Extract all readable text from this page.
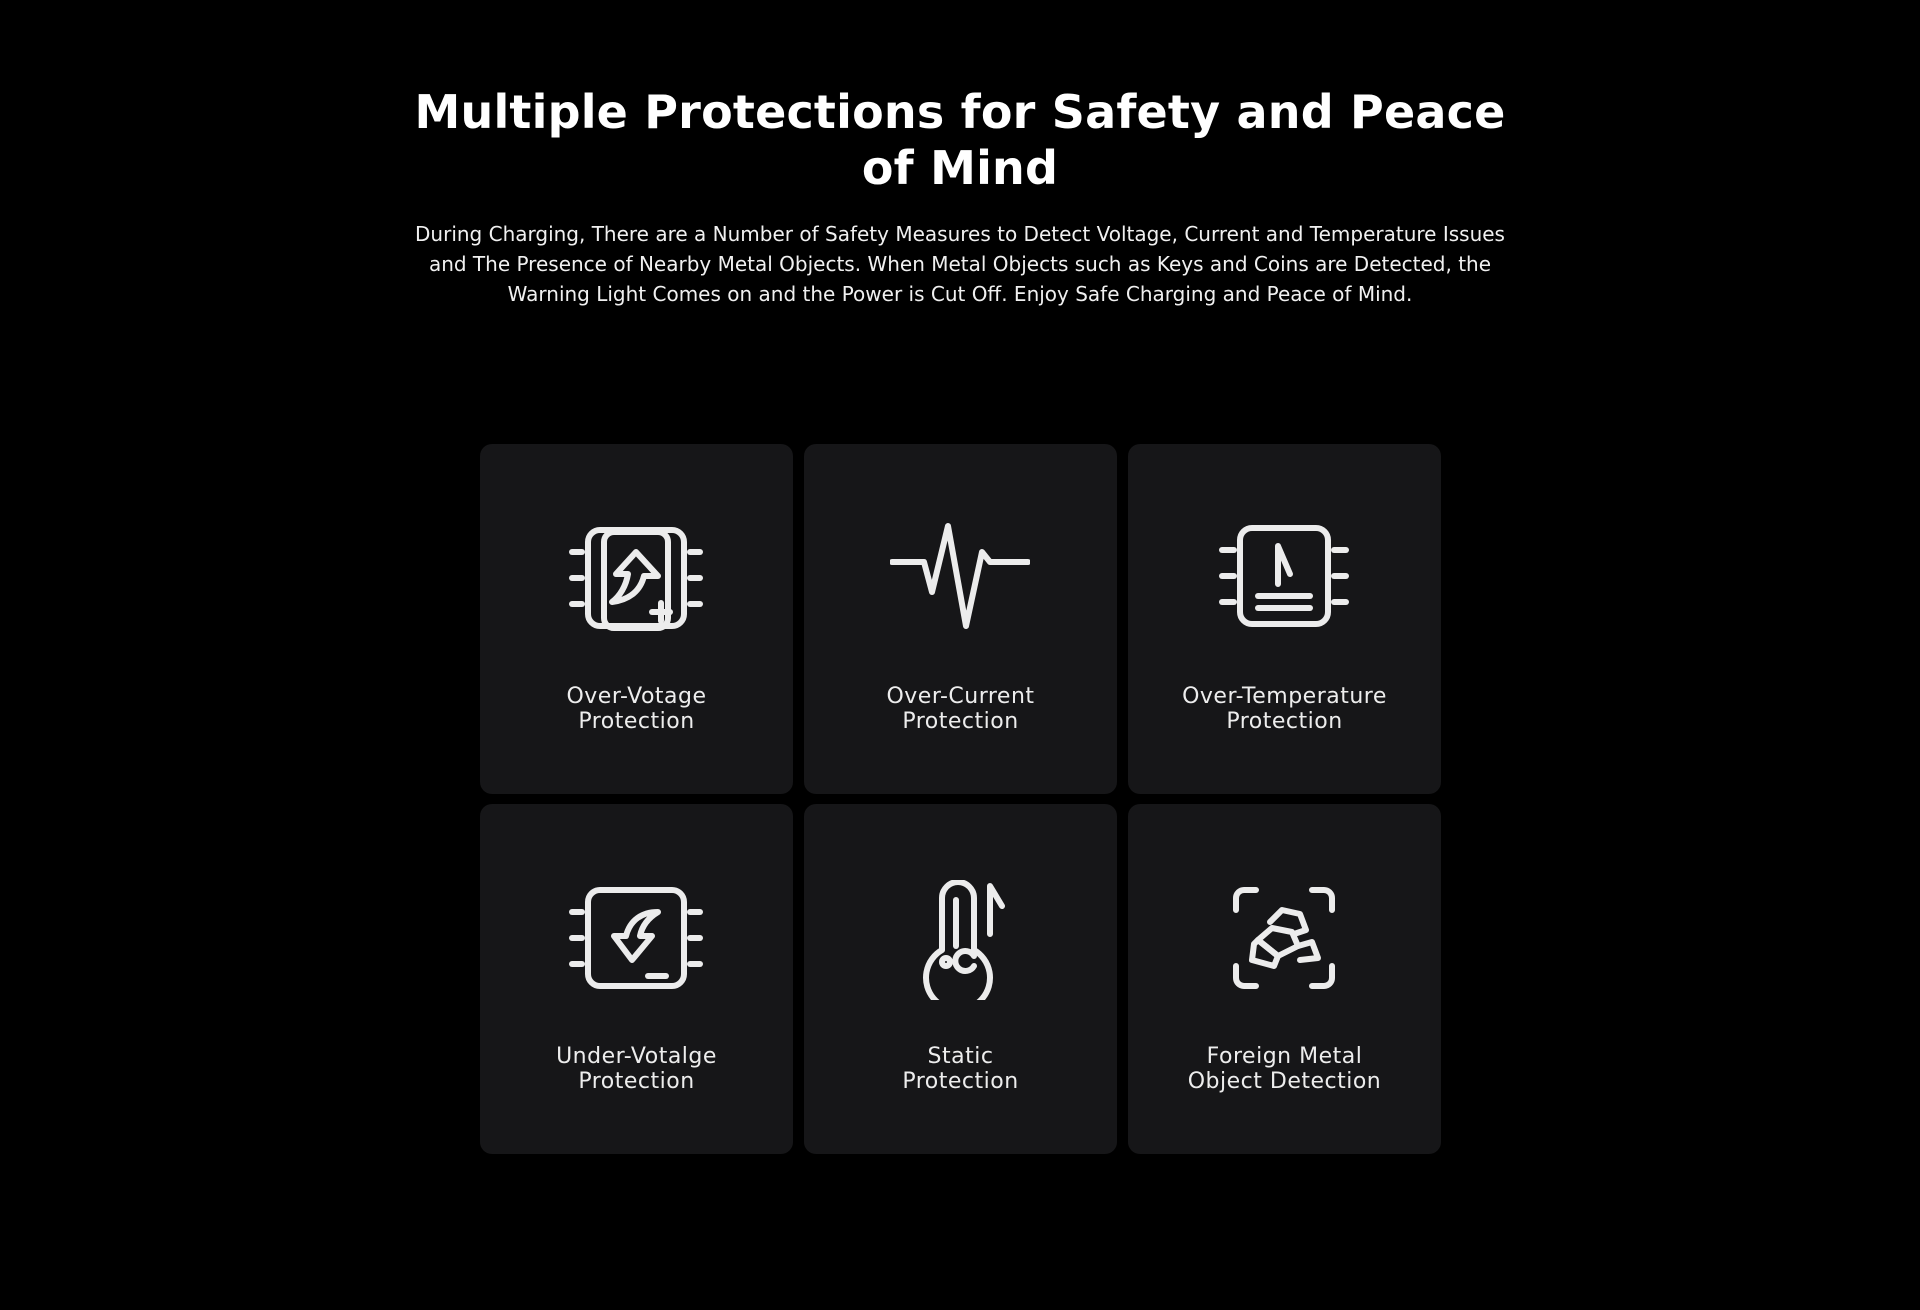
Multiple Protections for Safety and Peace of Mind

During Charging, There are a Number of Safety Measures to Detect Voltage, Current and Temperature Issues and The Presence of Nearby Metal Objects. When Metal Objects such as Keys and Coins are Detected, the Warning Light Comes on and the Power is Cut Off. Enjoy Safe Charging and Peace of Mind.

Over-Votage
Protection
Over-Current
Protection
Over-Temperature
Protection
Under-Votalge
Protection
Static
Protection
Foreign Metal
Object Detection
